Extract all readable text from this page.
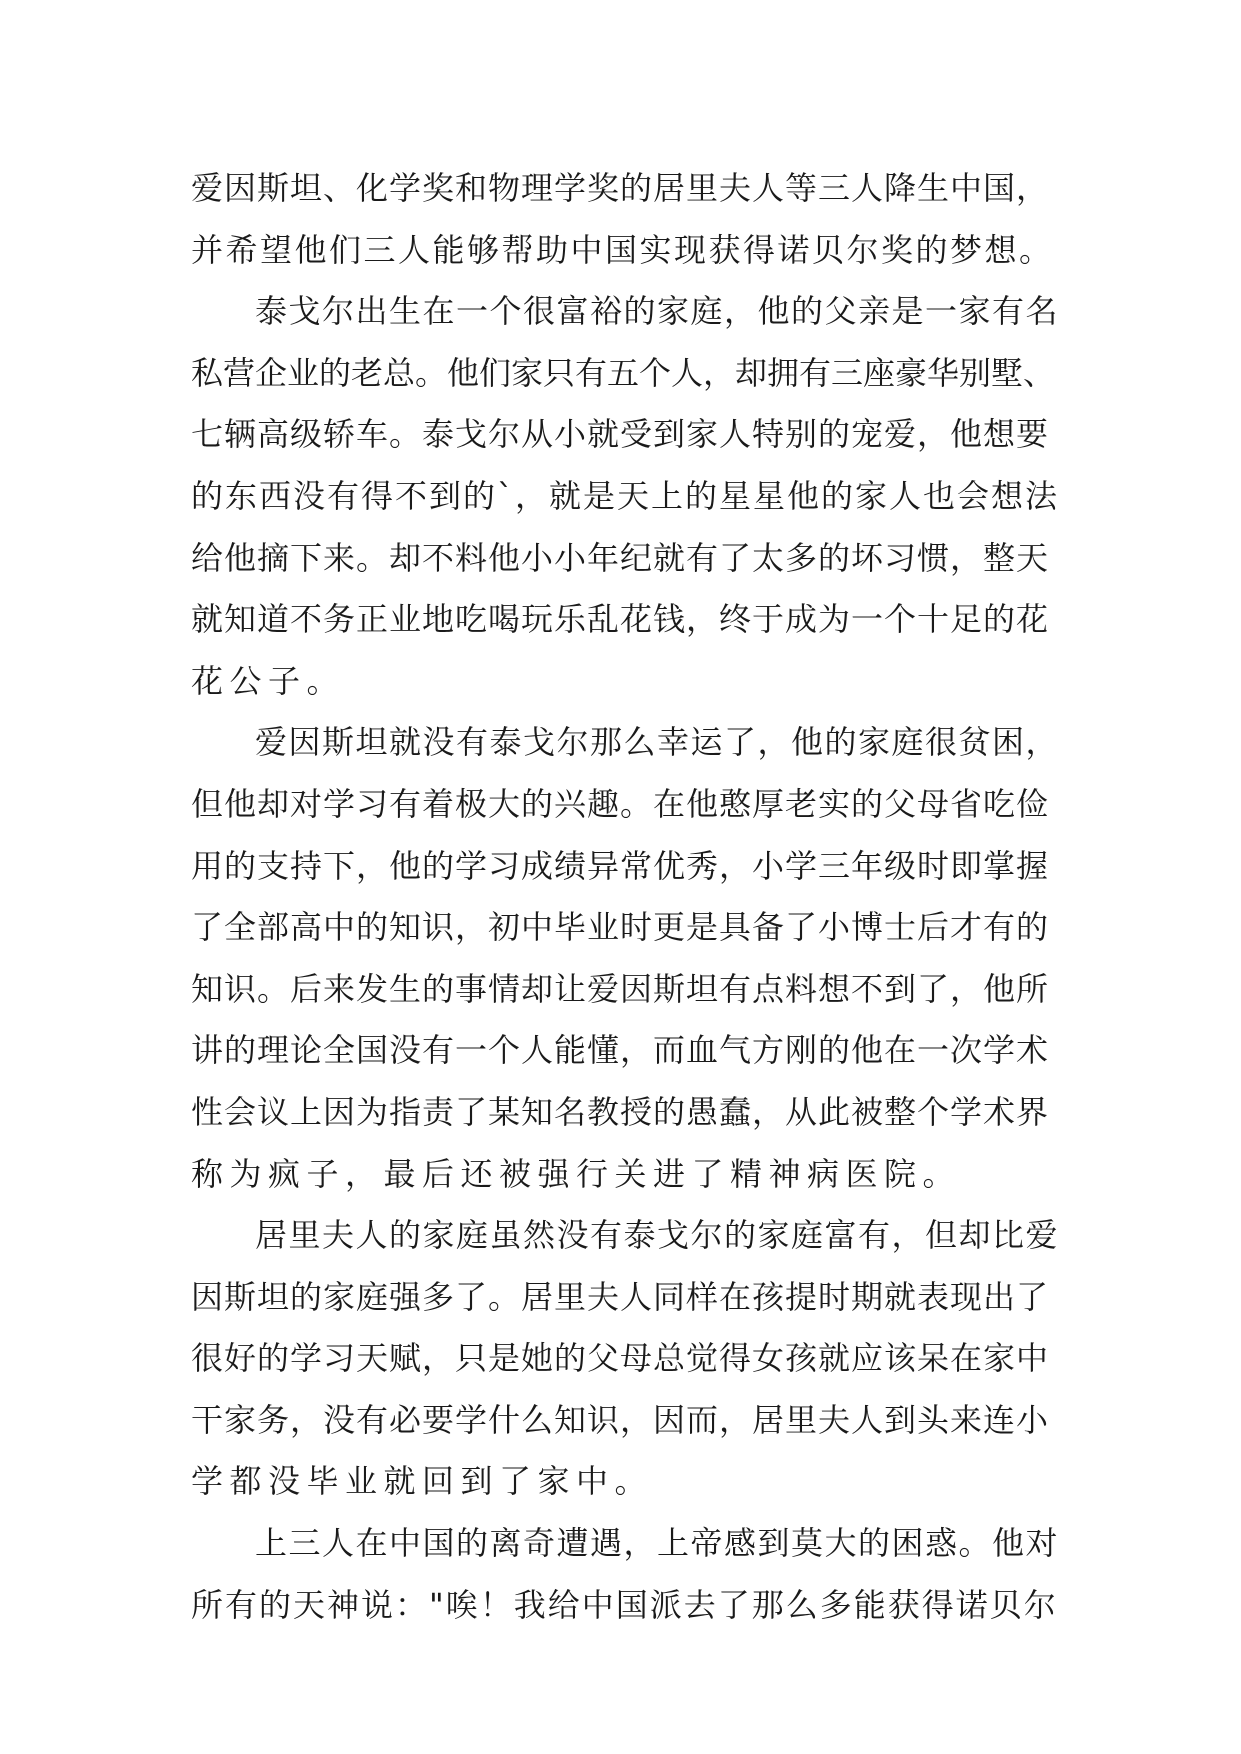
爱因斯坦、化学奖和物理学奖的居里夫人等三人降生中国，
并希望他们三人能够帮助中国实现获得诺贝尔奖的梦想。
泰戈尔出生在一个很富裕的家庭，他的父亲是一家有名
私营企业的老总。他们家只有五个人，却拥有三座豪华别墅、
七辆高级轿车。泰戈尔从小就受到家人特别的宠爱，他想要
的东西没有得不到的`，就是天上的星星他的家人也会想法
给他摘下来。却不料他小小年纪就有了太多的坏习惯，整天
就知道不务正业地吃喝玩乐乱花钱，终于成为一个十足的花
花公子。
爱因斯坦就没有泰戈尔那么幸运了，他的家庭很贫困，
但他却对学习有着极大的兴趣。在他憨厚老实的父母省吃俭
用的支持下，他的学习成绩异常优秀，小学三年级时即掌握
了全部高中的知识，初中毕业时更是具备了小博士后才有的
知识。后来发生的事情却让爱因斯坦有点料想不到了，他所
讲的理论全国没有一个人能懂，而血气方刚的他在一次学术
性会议上因为指责了某知名教授的愚蠢，从此被整个学术界
称为疯子，最后还被强行关进了精神病医院。
居里夫人的家庭虽然没有泰戈尔的家庭富有，但却比爱
因斯坦的家庭强多了。居里夫人同样在孩提时期就表现出了
很好的学习天赋，只是她的父母总觉得女孩就应该呆在家中
干家务，没有必要学什么知识，因而，居里夫人到头来连小
学都没毕业就回到了家中。
上三人在中国的离奇遭遇，上帝感到莫大的困惑。他对
所有的天神说："唉！我给中国派去了那么多能获得诺贝尔
